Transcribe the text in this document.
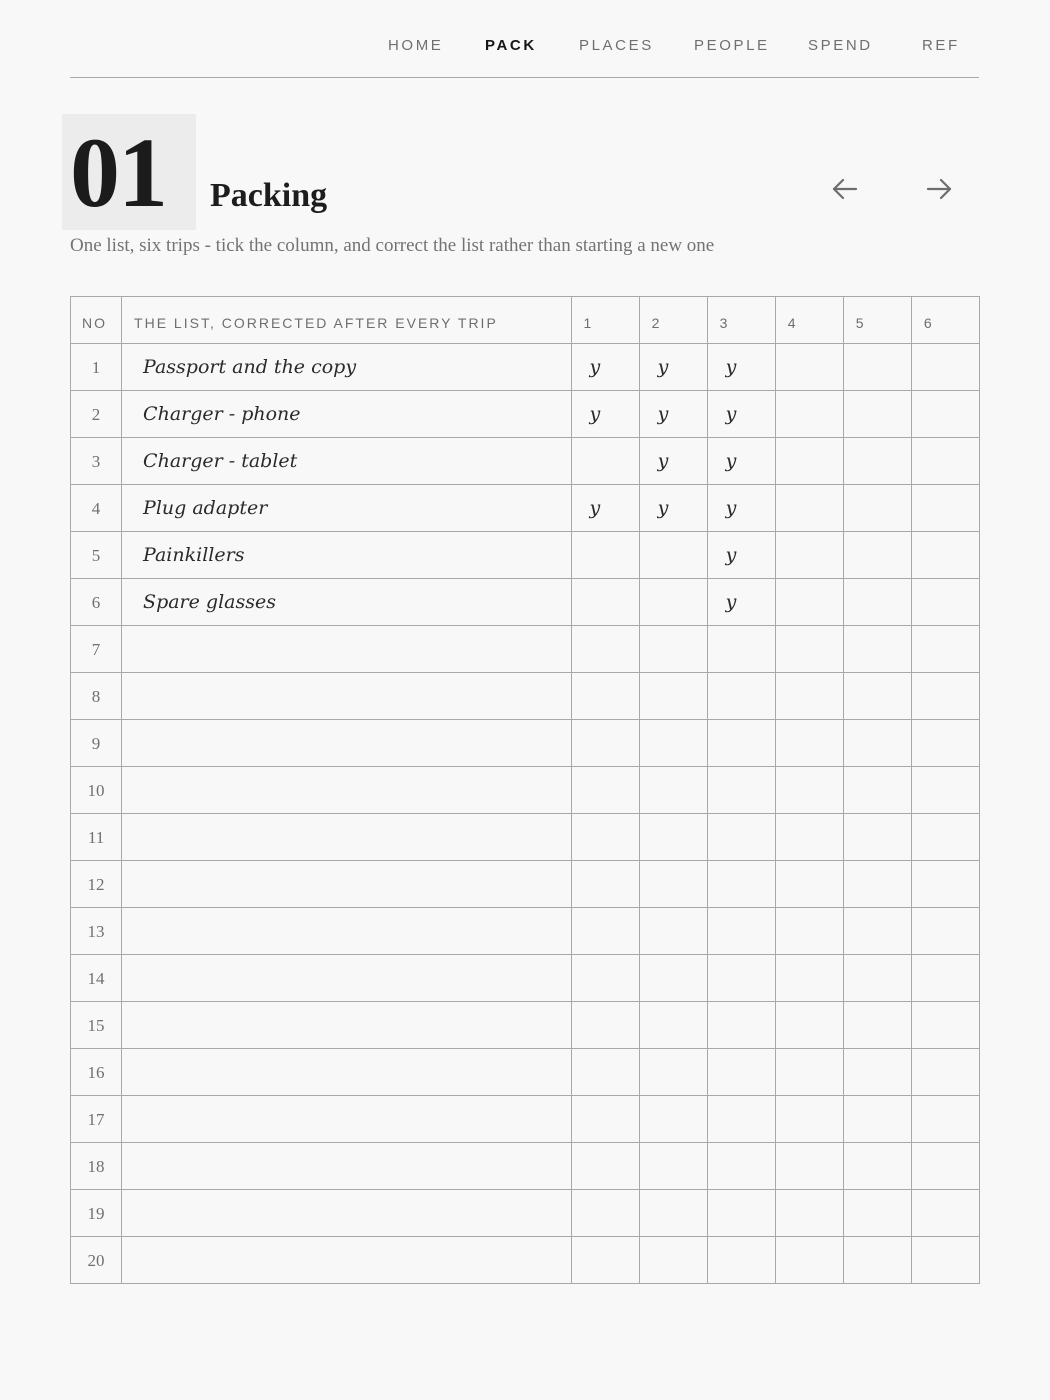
HOME	PACK	PLACES	PEOPLE	SPEND	REF
01 Packing
One list, six trips - tick the column, and correct the list rather than starting a new one
NO	THE LIST, CORRECTED AFTER EVERY TRIP	1	2	3	4	5	6
1	Passport and the copy	y	y	y			
2	Charger - phone	y	y	y			
3	Charger - tablet		y	y			
4	Plug adapter	y	y	y			
5	Painkillers			y			
6	Spare glasses			y			
7							
8							
9							
10							
11							
12							
13							
14							
15							
16							
17							
18							
19							
20							
